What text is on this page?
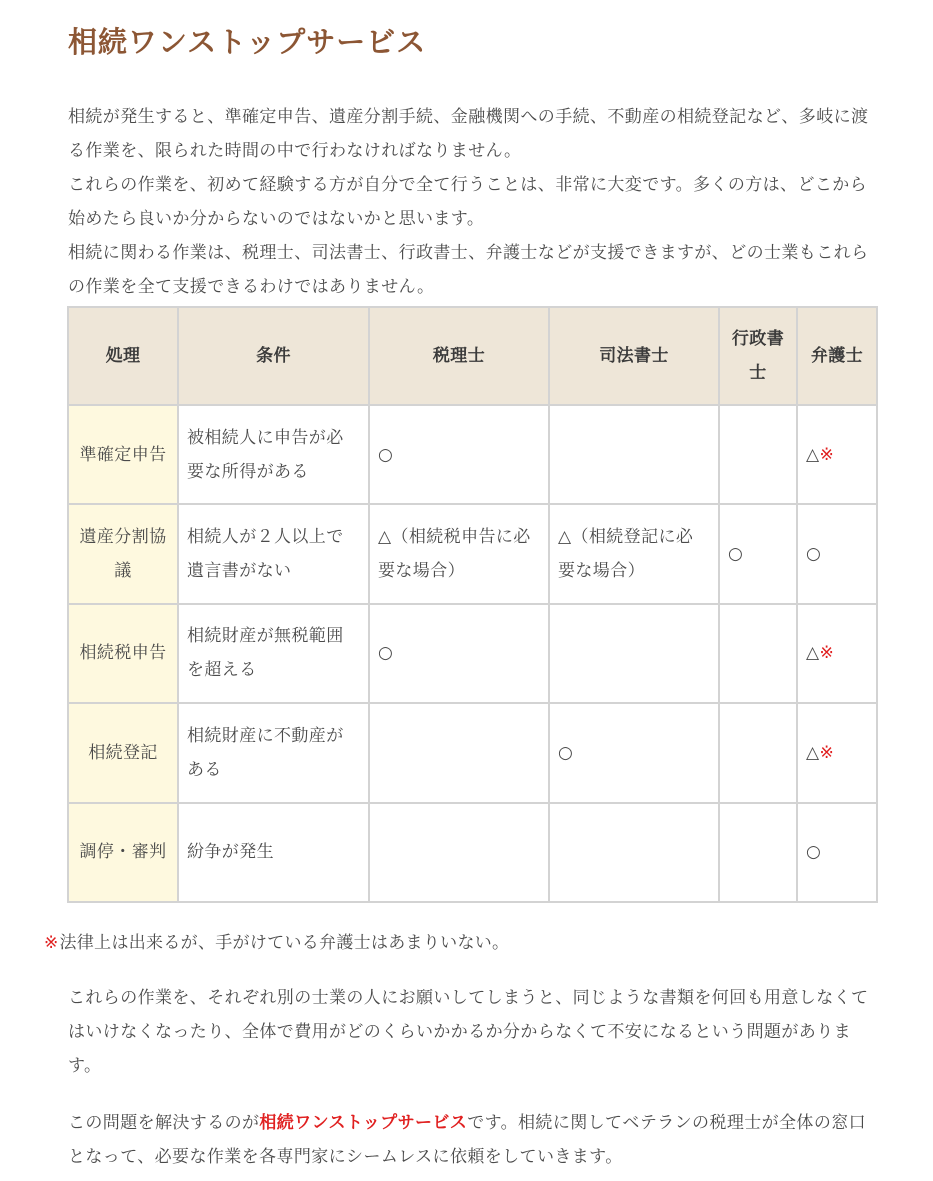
相続ワンストップサービス

相続が発生すると、準確定申告、遺産分割手続、金融機関への手続、不動産の相続登記など、多岐に渡る作業を、限られた時間の中で行わなければなりません。

これらの作業を、初めて経験する方が自分で全て行うことは、非常に大変です。多くの方は、どこから始めたら良いか分からないのではないかと思います。

相続に関わる作業は、税理士、司法書士、行政書士、弁護士などが支援できますが、どの士業もこれらの作業を全て支援できるわけではありません。

処理	条件	税理士	司法書士	行政書士	弁護士
準確定申告	被相続人に申告が必要な所得がある	○			△※
遺産分割協議	相続人が２人以上で遺言書がない	△（相続税申告に必要な場合）	△（相続登記に必要な場合）	○	○
相続税申告	相続財産が無税範囲を超える	○			△※
相続登記	相続財産に不動産がある		○		△※
調停・審判	紛争が発生				○
※法律上は出来るが、手がけている弁護士はあまりいない。

これらの作業を、それぞれ別の士業の人にお願いしてしまうと、同じような書類を何回も用意しなくてはいけなくなったり、全体で費用がどのくらいかかるか分からなくて不安になるという問題があります。

この問題を解決するのが相続ワンストップサービスです。相続に関してベテランの税理士が全体の窓口となって、必要な作業を各専門家にシームレスに依頼をしていきます。
